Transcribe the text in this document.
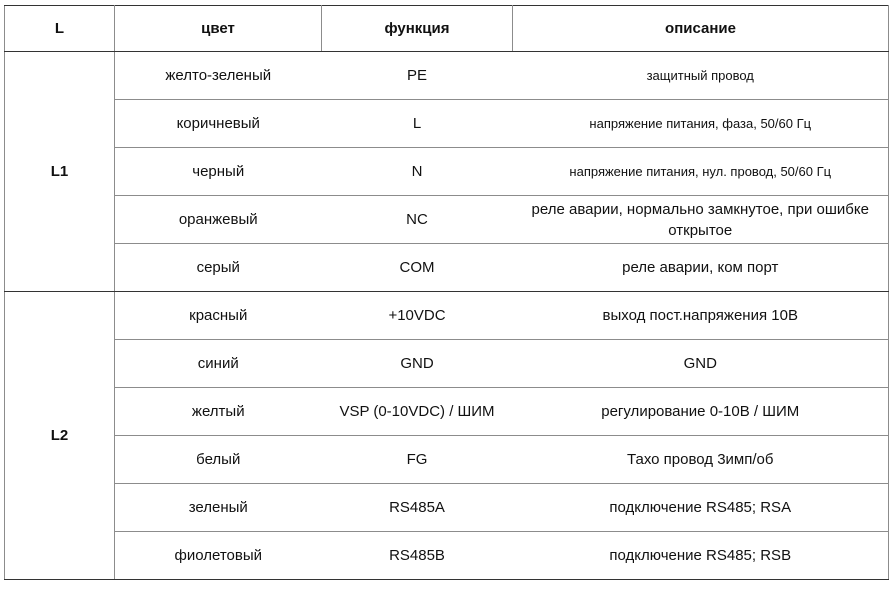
L	цвет	функция	описание
L1	желто-зеленый	PE	защитный провод
	коричневый	L	напряжение питания, фаза, 50/60 Гц
	черный	N	напряжение питания, нул. провод, 50/60 Гц
	оранжевый	NC	реле аварии, нормально замкнутое, при ошибке открытое
	серый	COM	реле аварии, ком порт
L2	красный	+10VDC	выход пост.напряжения 10В
	синий	GND	GND
	желтый	VSP (0-10VDC) / ШИМ	регулирование 0-10В / ШИМ
	белый	FG	Тахо провод 3имп/об
	зеленый	RS485A	подключение RS485; RSA
	фиолетовый	RS485B	подключение RS485; RSB
